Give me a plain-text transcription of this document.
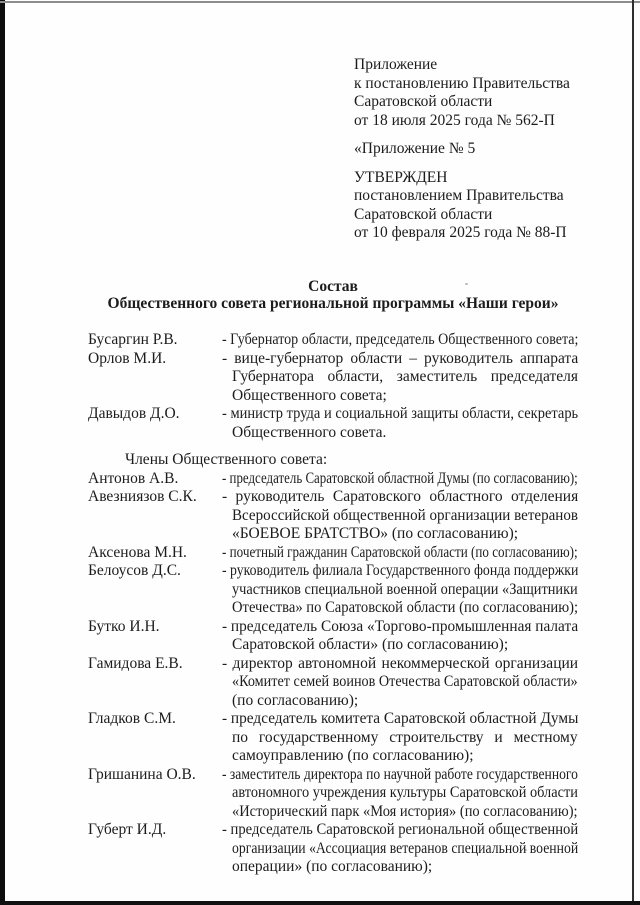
Приложение
к постановлению Правительства
Саратовской области
от 18 июля 2025 года № 562-П
«Приложение № 5
УТВЕРЖДЕН
постановлением Правительства
Саратовской области
от 10 февраля 2025 года № 88-П
Состав
Общественного совета региональной программы «Наши герои»
Бусаргин Р.В.	- Губернатор области, председатель Общественного совета;
Орлов М.И.	- вице-губернатор области – руководитель аппарата
Губернатора области, заместитель председателя
Общественного совета;
Давыдов Д.О.	- министр труда и социальной защиты области, секретарь
Общественного совета.
Члены Общественного совета:
Антонов А.В.	- председатель Саратовской областной Думы (по согласованию);
Авезниязов С.К.	- руководитель Саратовского областного отделения
Всероссийской общественной организации ветеранов
«БОЕВОЕ БРАТСТВО» (по согласованию);
Аксенова М.Н.	- почетный гражданин Саратовской области (по согласованию);
Белоусов Д.С.	- руководитель филиала Государственного фонда поддержки
участников специальной военной операции «Защитники
Отечества» по Саратовской области (по согласованию);
Бутко И.Н.	- председатель Союза «Торгово-промышленная палата
Саратовской области» (по согласованию);
Гамидова Е.В.	- директор автономной некоммерческой организации
«Комитет семей воинов Отечества Саратовской области»
(по согласованию);
Гладков С.М.	- председатель комитета Саратовской областной Думы
по государственному строительству и местному
самоуправлению (по согласованию);
Гришанина О.В.	- заместитель директора по научной работе государственного
автономного учреждения культуры Саратовской области
«Исторический парк «Моя история» (по согласованию);
Губерт И.Д.	- председатель Саратовской региональной общественной
организации «Ассоциация ветеранов специальной военной
операции» (по согласованию);
